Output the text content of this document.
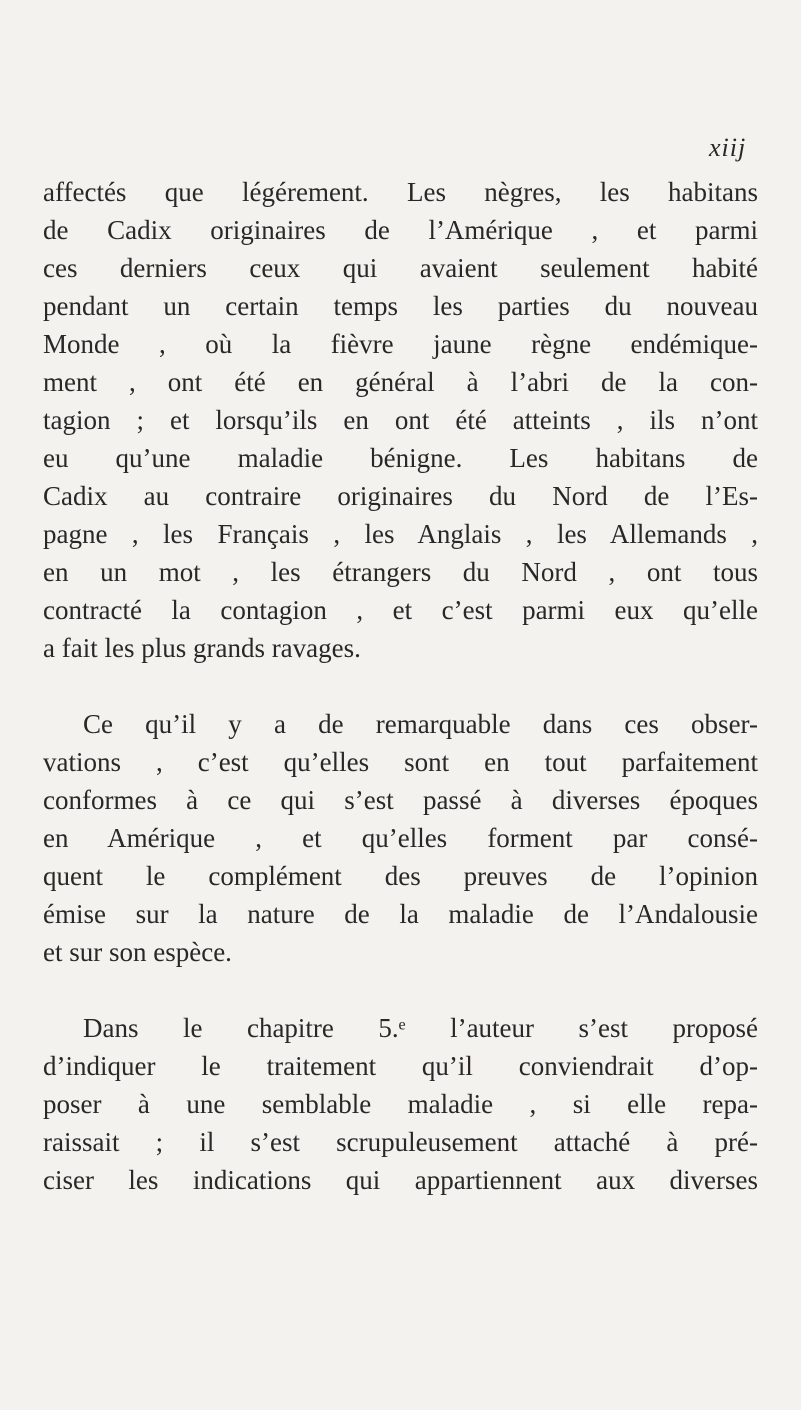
xiij
affectés que légérement. Les nègres, les habitans
de Cadix originaires de l’Amérique , et parmi
ces derniers ceux qui avaient seulement habité
pendant un certain temps les parties du nouveau
Monde , où la fièvre jaune règne endémique-
ment , ont été en général à l’abri de la con-
tagion ; et lorsqu’ils en ont été atteints , ils n’ont
eu qu’une maladie bénigne. Les habitans de
Cadix au contraire originaires du Nord de l’Es-
pagne , les Français , les Anglais , les Allemands ,
en un mot , les étrangers du Nord , ont tous
contracté la contagion , et c’est parmi eux qu’elle
a fait les plus grands ravages.
Ce qu’il y a de remarquable dans ces obser-
vations , c’est qu’elles sont en tout parfaitement
conformes à ce qui s’est passé à diverses époques
en Amérique , et qu’elles forment par consé-
quent le complément des preuves de l’opinion
émise sur la nature de la maladie de l’Andalousie
et sur son espèce.
Dans le chapitre 5.ᵉ l’auteur s’est proposé
d’indiquer le traitement qu’il conviendrait d’op-
poser à une semblable maladie , si elle repa-
raissait ; il s’est scrupuleusement attaché à pré-
ciser les indications qui appartiennent aux diverses
